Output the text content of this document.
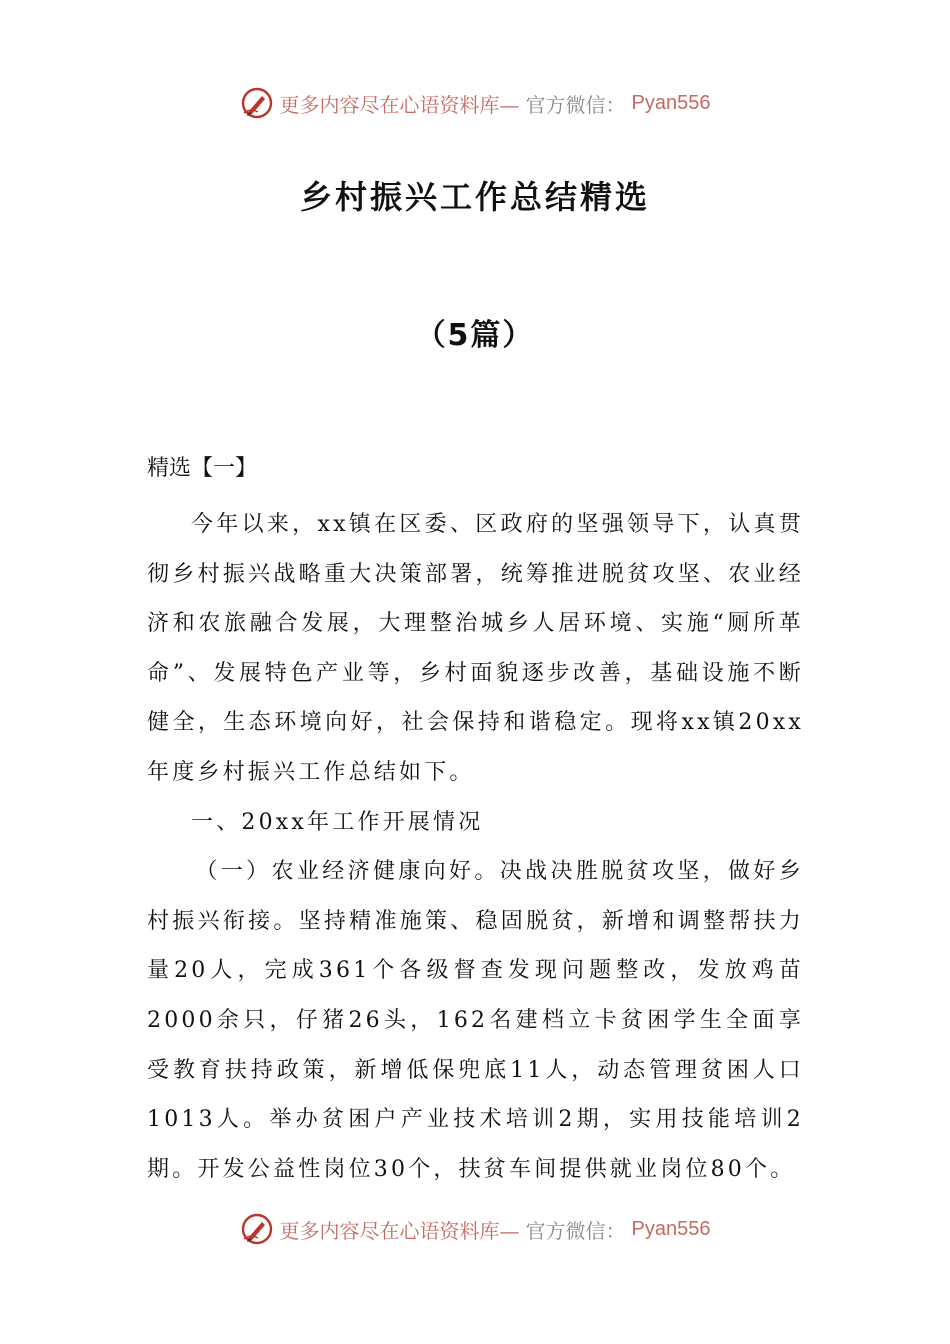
更多内容尽在心语资料库— 官方微信： Pyan556
乡村振兴工作总结精选
（5篇）
精选【一】

今年以来，xx镇在区委、区政府的坚强领导下，认真贯彻乡村振兴战略重大决策部署，统筹推进脱贫攻坚、农业经济和农旅融合发展，大理整治城乡人居环境、实施“厕所革命”、发展特色产业等，乡村面貌逐步改善，基础设施不断健全，生态环境向好，社会保持和谐稳定。现将xx镇20xx年度乡村振兴工作总结如下。

一、20xx年工作开展情况

（一）农业经济健康向好。决战决胜脱贫攻坚，做好乡村振兴衔接。坚持精准施策、稳固脱贫，新增和调整帮扶力量20人，完成361个各级督查发现问题整改，发放鸡苗2000余只，仔猪26头，162名建档立卡贫困学生全面享受教育扶持政策，新增低保兜底11人，动态管理贫困人口1013人。举办贫困户产业技术培训2期，实用技能培训2期。开发公益性岗位30个，扶贫车间提供就业岗位80个。

更多内容尽在心语资料库— 官方微信： Pyan556
